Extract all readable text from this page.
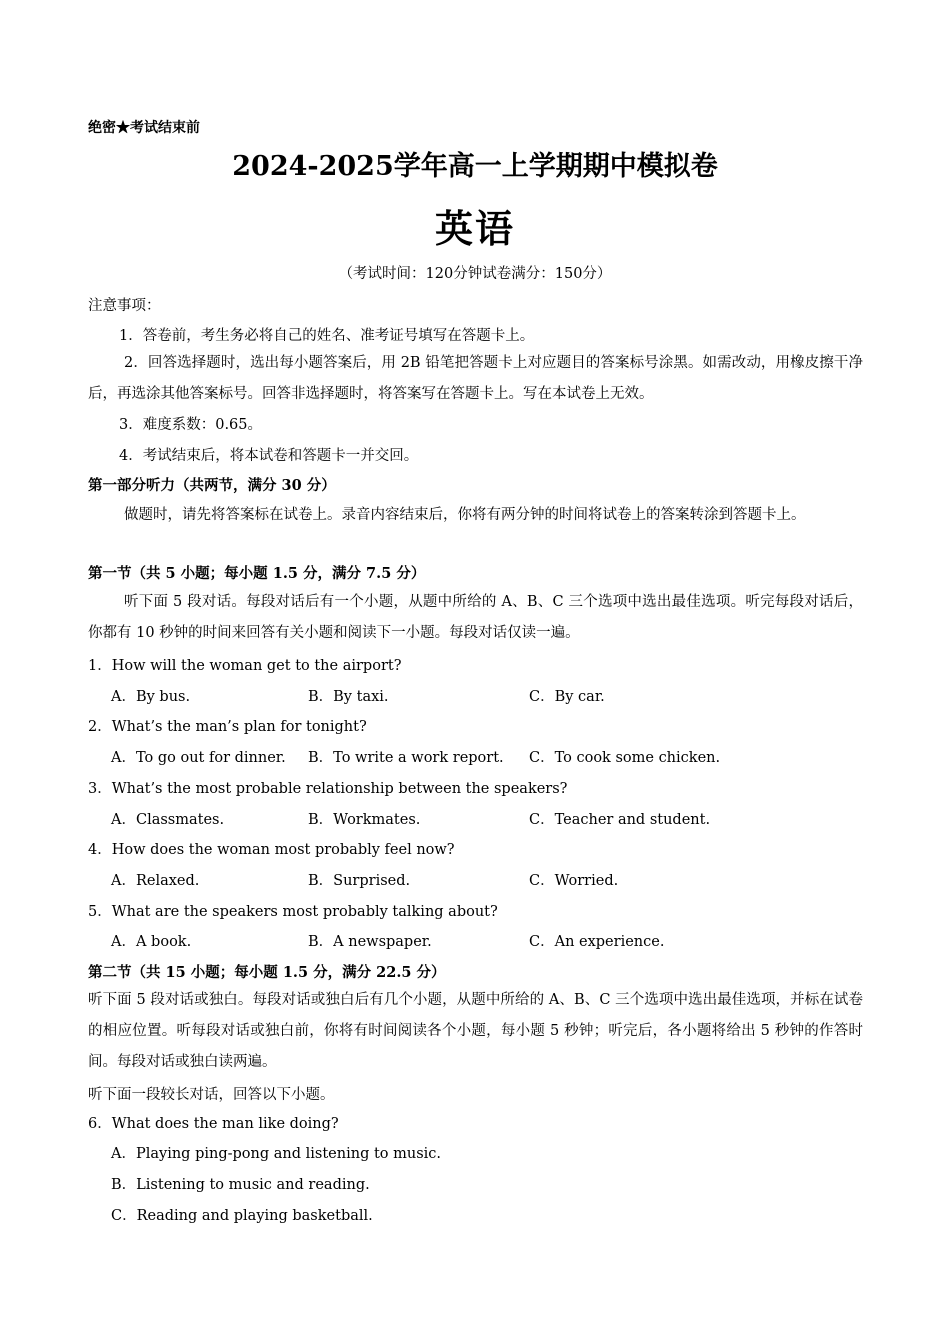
绝密★考试结束前
2024-2025学年高一上学期期中模拟卷
英语
（考试时间：120分钟试卷满分：150分）
注意事项：
1．答卷前，考生务必将自己的姓名、准考证号填写在答题卡上。
2．回答选择题时，选出每小题答案后，用 2B 铅笔把答题卡上对应题目的答案标号涂黑。如需改动，用橡皮擦干净后，再选涂其他答案标号。回答非选择题时，将答案写在答题卡上。写在本试卷上无效。
3．难度系数：0.65。
4．考试结束后，将本试卷和答题卡一并交回。
第一部分听力（共两节，满分 30 分）
做题时，请先将答案标在试卷上。录音内容结束后，你将有两分钟的时间将试卷上的答案转涂到答题卡上。
第一节（共 5 小题；每小题 1.5 分，满分 7.5 分）
听下面 5 段对话。每段对话后有一个小题，从题中所给的 A、B、C 三个选项中选出最佳选项。听完每段对话后，你都有 10 秒钟的时间来回答有关小题和阅读下一小题。每段对话仅读一遍。
1．How will the woman get to the airport?
A．By bus.	B．By taxi.	C．By car.
2．What’s the man’s plan for tonight?
A．To go out for dinner. B．To write a work report. C．To cook some chicken.
3．What’s the most probable relationship between the speakers?
A．Classmates.	B．Workmates.	C．Teacher and student.
4．How does the woman most probably feel now?
A．Relaxed.	B．Surprised.	C．Worried.
5．What are the speakers most probably talking about?
A．A book.	B．A newspaper.	C．An experience.
第二节（共 15 小题；每小题 1.5 分，满分 22.5 分）
听下面 5 段对话或独白。每段对话或独白后有几个小题，从题中所给的 A、B、C 三个选项中选出最佳选项，并标在试卷的相应位置。听每段对话或独白前，你将有时间阅读各个小题，每小题 5 秒钟；听完后，各小题将给出 5 秒钟的作答时间。每段对话或独白读两遍。
听下面一段较长对话，回答以下小题。
6．What does the man like doing?
A．Playing ping-pong and listening to music.
B．Listening to music and reading.
C．Reading and playing basketball.
